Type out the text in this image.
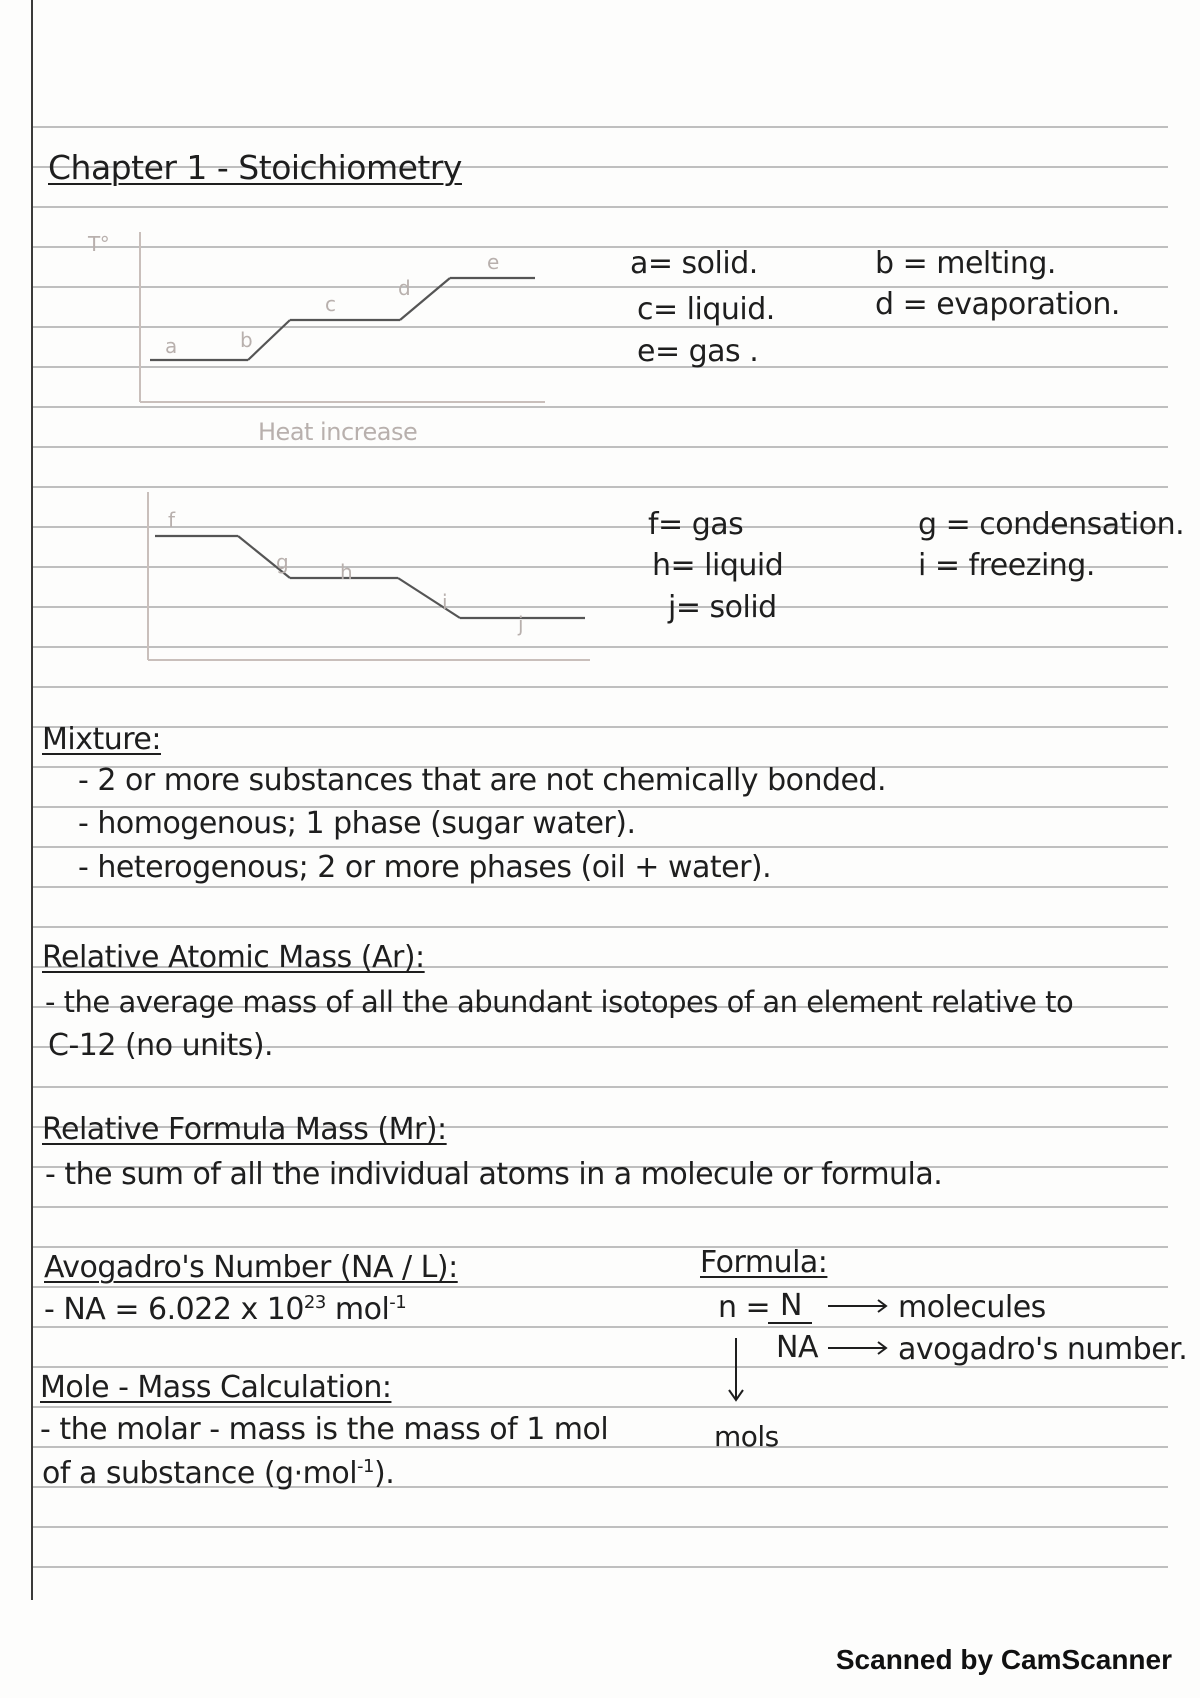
Chapter 1 - Stoichiometry
T°
Heat increase
a	b
c
d
e	a= solid.
c= liquid.
e= gas .
b = melting.
d = evaporation.
f
g	h
i
j
f= gas
h= liquid
j= solid
g = condensation.
i = freezing.
Mixture:
- 2 or more substances that are not chemically bonded.
- homogenous; 1 phase (sugar water).
- heterogenous; 2 or more phases (oil + water).
Relative Atomic Mass (Ar):
- the average mass of all the abundant isotopes of an element relative to
C-12 (no units).
Relative Formula Mass (Mr):
- the sum of all the individual atoms in a molecule or formula.
Avogadro's Number (NA / L):
- NA = 6.022 x $10^{23}$ mol$^{-1}$
Formula:
n = N
NA
molecules
avogadro's number.
mols
Mole - Mass Calculation:
- the molar - mass is the mass of 1 mol
of a substance (g·mol$^{-1}$).
Scanned by CamScanner
